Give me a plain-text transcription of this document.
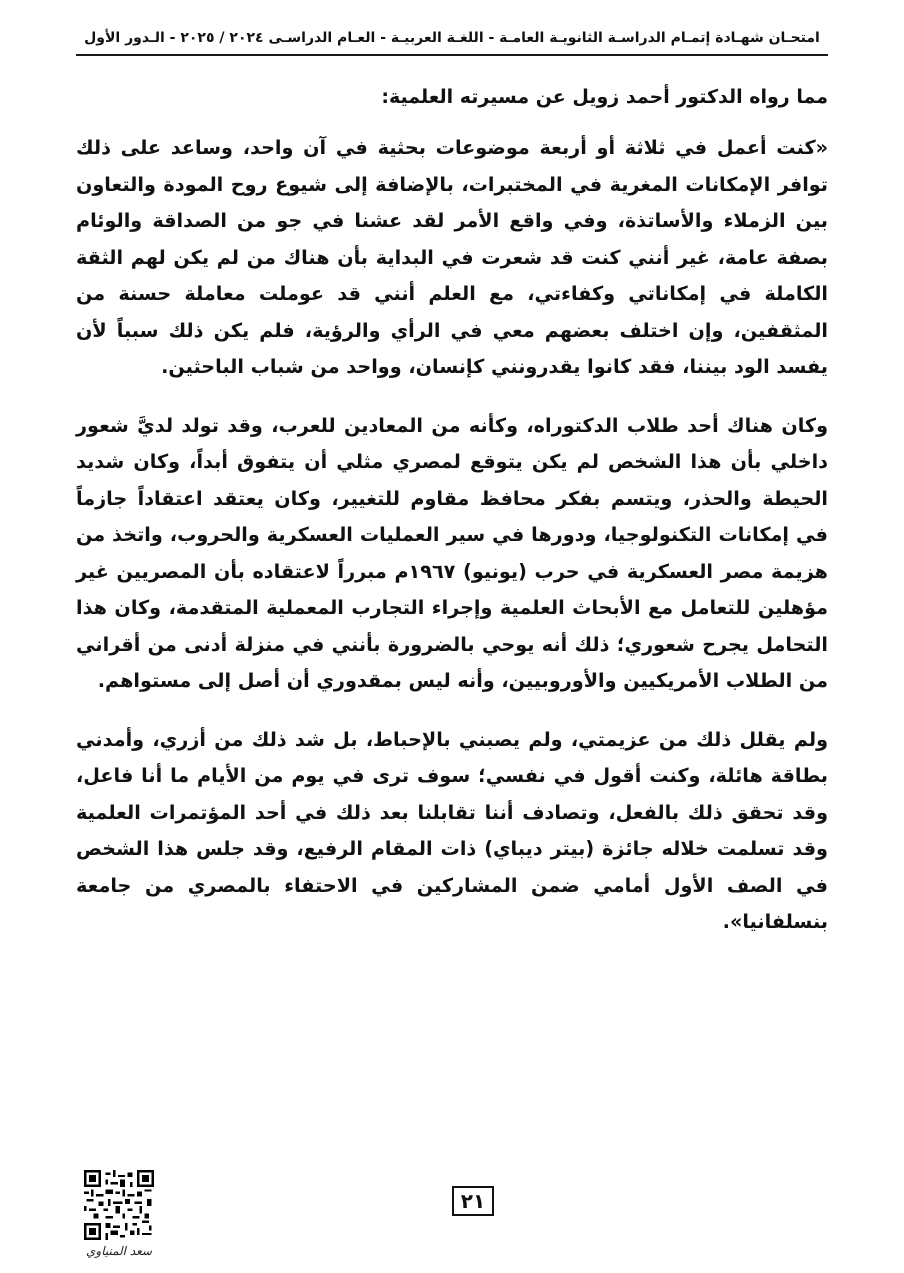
امتحـان شهـادة إتمـام الدراسـة الثانويـة العامـة - اللغـة العربيـة - العـام الدراسـى ٢٠٢٤ / ٢٠٢٥ - الـدور الأول

مما رواه الدكتور أحمد زويل عن مسيرته العلمية:

«كنت أعمل في ثلاثة أو أربعة موضوعات بحثية في آن واحد، وساعد على ذلك توافر الإمكانات المغرية في المختبرات، بالإضافة إلى شيوع روح المودة والتعاون بين الزملاء والأساتذة، وفي واقع الأمر لقد عشنا في جو من الصداقة والوئام بصفة عامة، غير أنني كنت قد شعرت في البداية بأن هناك من لم يكن لهم الثقة الكاملة في إمكاناتي وكفاءتي، مع العلم أنني قد عوملت معاملة حسنة من المثقفين، وإن اختلف بعضهم معي في الرأي والرؤية، فلم يكن ذلك سبباً لأن يفسد الود بيننا، فقد كانوا يقدرونني كإنسان، وواحد من شباب الباحثين.

وكان هناك أحد طلاب الدكتوراه، وكأنه من المعادين للعرب، وقد تولد لديَّ شعور داخلي بأن هذا الشخص لم يكن يتوقع لمصري مثلي أن يتفوق أبداً، وكان شديد الحيطة والحذر، ويتسم بفكر محافظ مقاوم للتغيير، وكان يعتقد اعتقاداً جازماً في إمكانات التكنولوجيا، ودورها في سير العمليات العسكرية والحروب، واتخذ من هزيمة مصر العسكرية في حرب (يونيو) ١٩٦٧م مبرراً لاعتقاده بأن المصريين غير مؤهلين للتعامل مع الأبحاث العلمية وإجراء التجارب المعملية المتقدمة، وكان هذا التحامل يجرح شعوري؛ ذلك أنه يوحي بالضرورة بأنني في منزلة أدنى من أقراني من الطلاب الأمريكيين والأوروبيين، وأنه ليس بمقدوري أن أصل إلى مستواهم.

ولم يقلل ذلك من عزيمتي، ولم يصبني بالإحباط، بل شد ذلك من أزري، وأمدني بطاقة هائلة، وكنت أقول في نفسي؛ سوف ترى في يوم من الأيام ما أنا فاعل، وقد تحقق ذلك بالفعل، وتصادف أننا تقابلنا بعد ذلك في أحد المؤتمرات العلمية وقد تسلمت خلاله جائزة (بيتر ديباي) ذات المقام الرفيع، وقد جلس هذا الشخص في الصف الأول أمامي ضمن المشاركين في الاحتفاء بالمصري من جامعة بنسلفانيا».

سعد المنياوي
٢١
